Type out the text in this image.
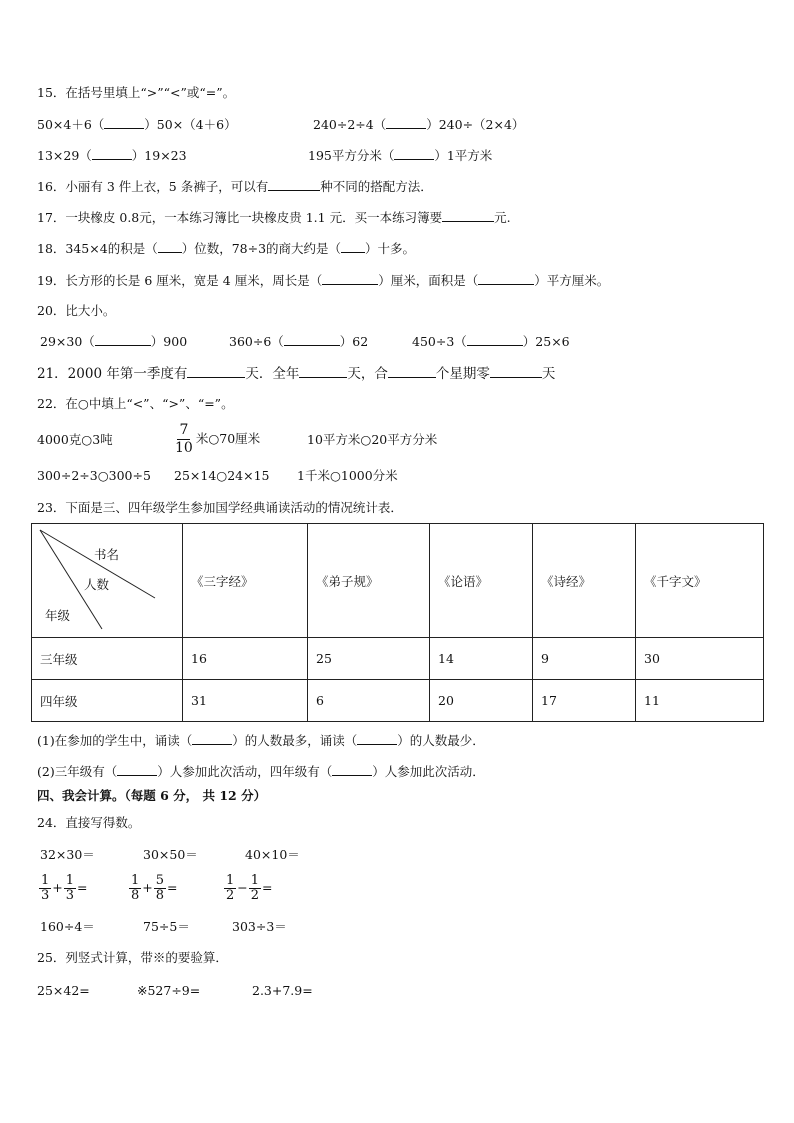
15．在括号里填上“>”“<”或“=”。
50×4＋6（	）50×（4＋6）	240÷2÷4（	）240÷（2×4）
13×29（	）19×23	195平方分米（	）1平方米
16．小丽有 3 件上衣，5 条裤子，可以有	种不同的搭配方法．
17．一块橡皮 0.8元，一本练习簿比一块橡皮贵 1.1 元．买一本练习簿要	元.
18．345×4的积是（ ）位数，78÷3的商大约是（ ）十多。
19．长方形的长是 6 厘米，宽是 4 厘米，周长是（	）厘米，面积是（	）平方厘米。
20．比大小。
29×30（	）900	360÷6（	）62	450÷3（	）25×6
21．2000 年第一季度有	天．全年	天，合	个星期零	天
22．在○中填上“<”、“>”、“=”。
4000克○3吨	$\frac{7}{10}$ 米○70厘米	10平方米○20平方分米
300÷2÷3○300÷5 25×14○24×15 1千米○1000分米
23．下面是三、四年级学生参加国学经典诵读活动的情况统计表．
书名
人数
年级	《三字经》	《弟子规》	《论语》	《诗经》	《千字文》
三年级	16	25	14	9	30
四年级	31	6	20	17	11
(1)在参加的学生中，诵读（	）的人数最多，诵读（	）的人数最少．
(2)三年级有（	）人参加此次活动，四年级有（	）人参加此次活动．
四、我会计算。（每题 6 分， 共 12 分）
24．直接写得数。
32×30＝	30×50＝	40×10＝
$\frac{1}{3} + \frac{1}{3}$ =	$\frac{1}{8} + \frac{5}{8}$ =	$\frac{1}{2} - \frac{1}{2}$ =
160÷4＝	75÷5＝	303÷3＝
25．列竖式计算，带※的要验算．
25×42=	※527÷9=	2.3+7.9=
